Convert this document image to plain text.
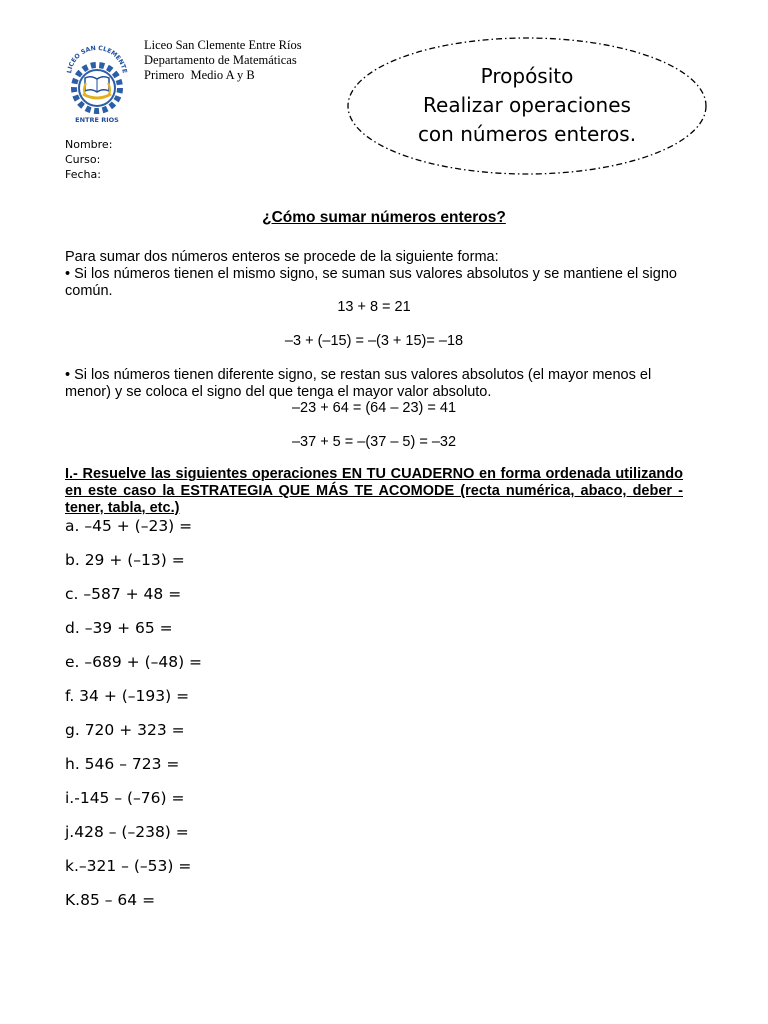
LICEO SAN CLEMENTE
ENTRE RIOS
Liceo San Clemente Entre Ríos
Departamento de Matemáticas
Primero  Medio A y B
Nombre:
Curso:
Fecha:
Propósito
Realizar operaciones
con números enteros.
¿Cómo sumar números enteros?
Para sumar dos números enteros se procede de la siguiente forma:
• Si los números tienen el mismo signo, se suman sus valores absolutos y se mantiene el signo común.
13 + 8 = 21
–3 + (–15) = –(3 + 15)= –18
• Si los números tienen diferente signo, se restan sus valores absolutos (el mayor menos el menor) y se coloca el signo del que tenga el mayor valor absoluto.
–23 + 64 = (64 – 23) = 41
–37 + 5 = –(37 – 5) = –32
I.- Resuelve las siguientes operaciones EN TU CUADERNO en forma ordenada utilizando en este caso la ESTRATEGIA QUE MÁS TE ACOMODE (recta numérica, abaco, deber -tener, tabla, etc.)
a. –45 + (–23) =
b. 29 + (–13) =
c. –587 + 48 =
d. –39 + 65 =
e. –689 + (–48) =
f. 34 + (–193) =
g. 720 + 323 =
h. 546 – 723 =
i.-145 – (–76) =
j.428 – (–238) =
k.–321 – (–53) =
K.85 – 64 =
